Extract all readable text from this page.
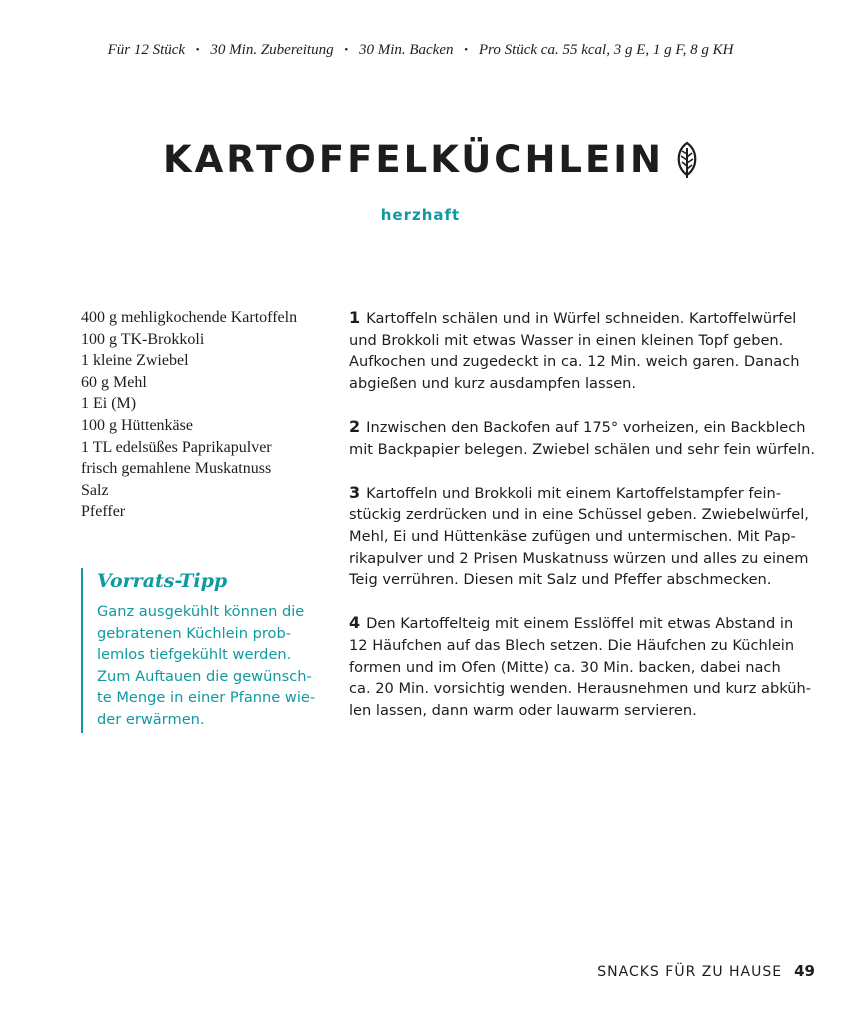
Für 12 Stück • 30 Min. Zubereitung • 30 Min. Backen • Pro Stück ca. 55 kcal, 3 g E, 1 g F, 8 g KH
KARTOFFELKÜCHLEIN
herzhaft
400 g mehligkochende Kartoffeln
100 g TK-Brokkoli
1 kleine Zwiebel
60 g Mehl
1 Ei (M)
100 g Hüttenkäse
1 TL edelsüßes Paprikapulver
frisch gemahlene Muskatnuss
Salz
Pfeffer
Vorrats-Tipp
Ganz ausgekühlt können die
gebratenen Küchlein prob-
lemlos tiefgekühlt werden.
Zum Auftauen die gewünsch-
te Menge in einer Pfanne wie-
der erwärmen.
1 Kartoffeln schälen und in Würfel schneiden. Kartoffelwürfel
und Brokkoli mit etwas Wasser in einen kleinen Topf geben.
Aufkochen und zugedeckt in ca. 12 Min. weich garen. Danach
abgießen und kurz ausdampfen lassen.
2 Inzwischen den Backofen auf 175° vorheizen, ein Backblech
mit Backpapier belegen. Zwiebel schälen und sehr fein würfeln.
3 Kartoffeln und Brokkoli mit einem Kartoffelstampfer fein-
stückig zerdrücken und in eine Schüssel geben. Zwiebelwürfel,
Mehl, Ei und Hüttenkäse zufügen und untermischen. Mit Pap-
rikapulver und 2 Prisen Muskatnuss würzen und alles zu einem
Teig verrühren. Diesen mit Salz und Pfeffer abschmecken.
4 Den Kartoffelteig mit einem Esslöffel mit etwas Abstand in
12 Häufchen auf das Blech setzen. Die Häufchen zu Küchlein
formen und im Ofen (Mitte) ca. 30 Min. backen, dabei nach
ca. 20 Min. vorsichtig wenden. Herausnehmen und kurz abküh-
len lassen, dann warm oder lauwarm servieren.
SNACKS FÜR ZU HAUSE 49
